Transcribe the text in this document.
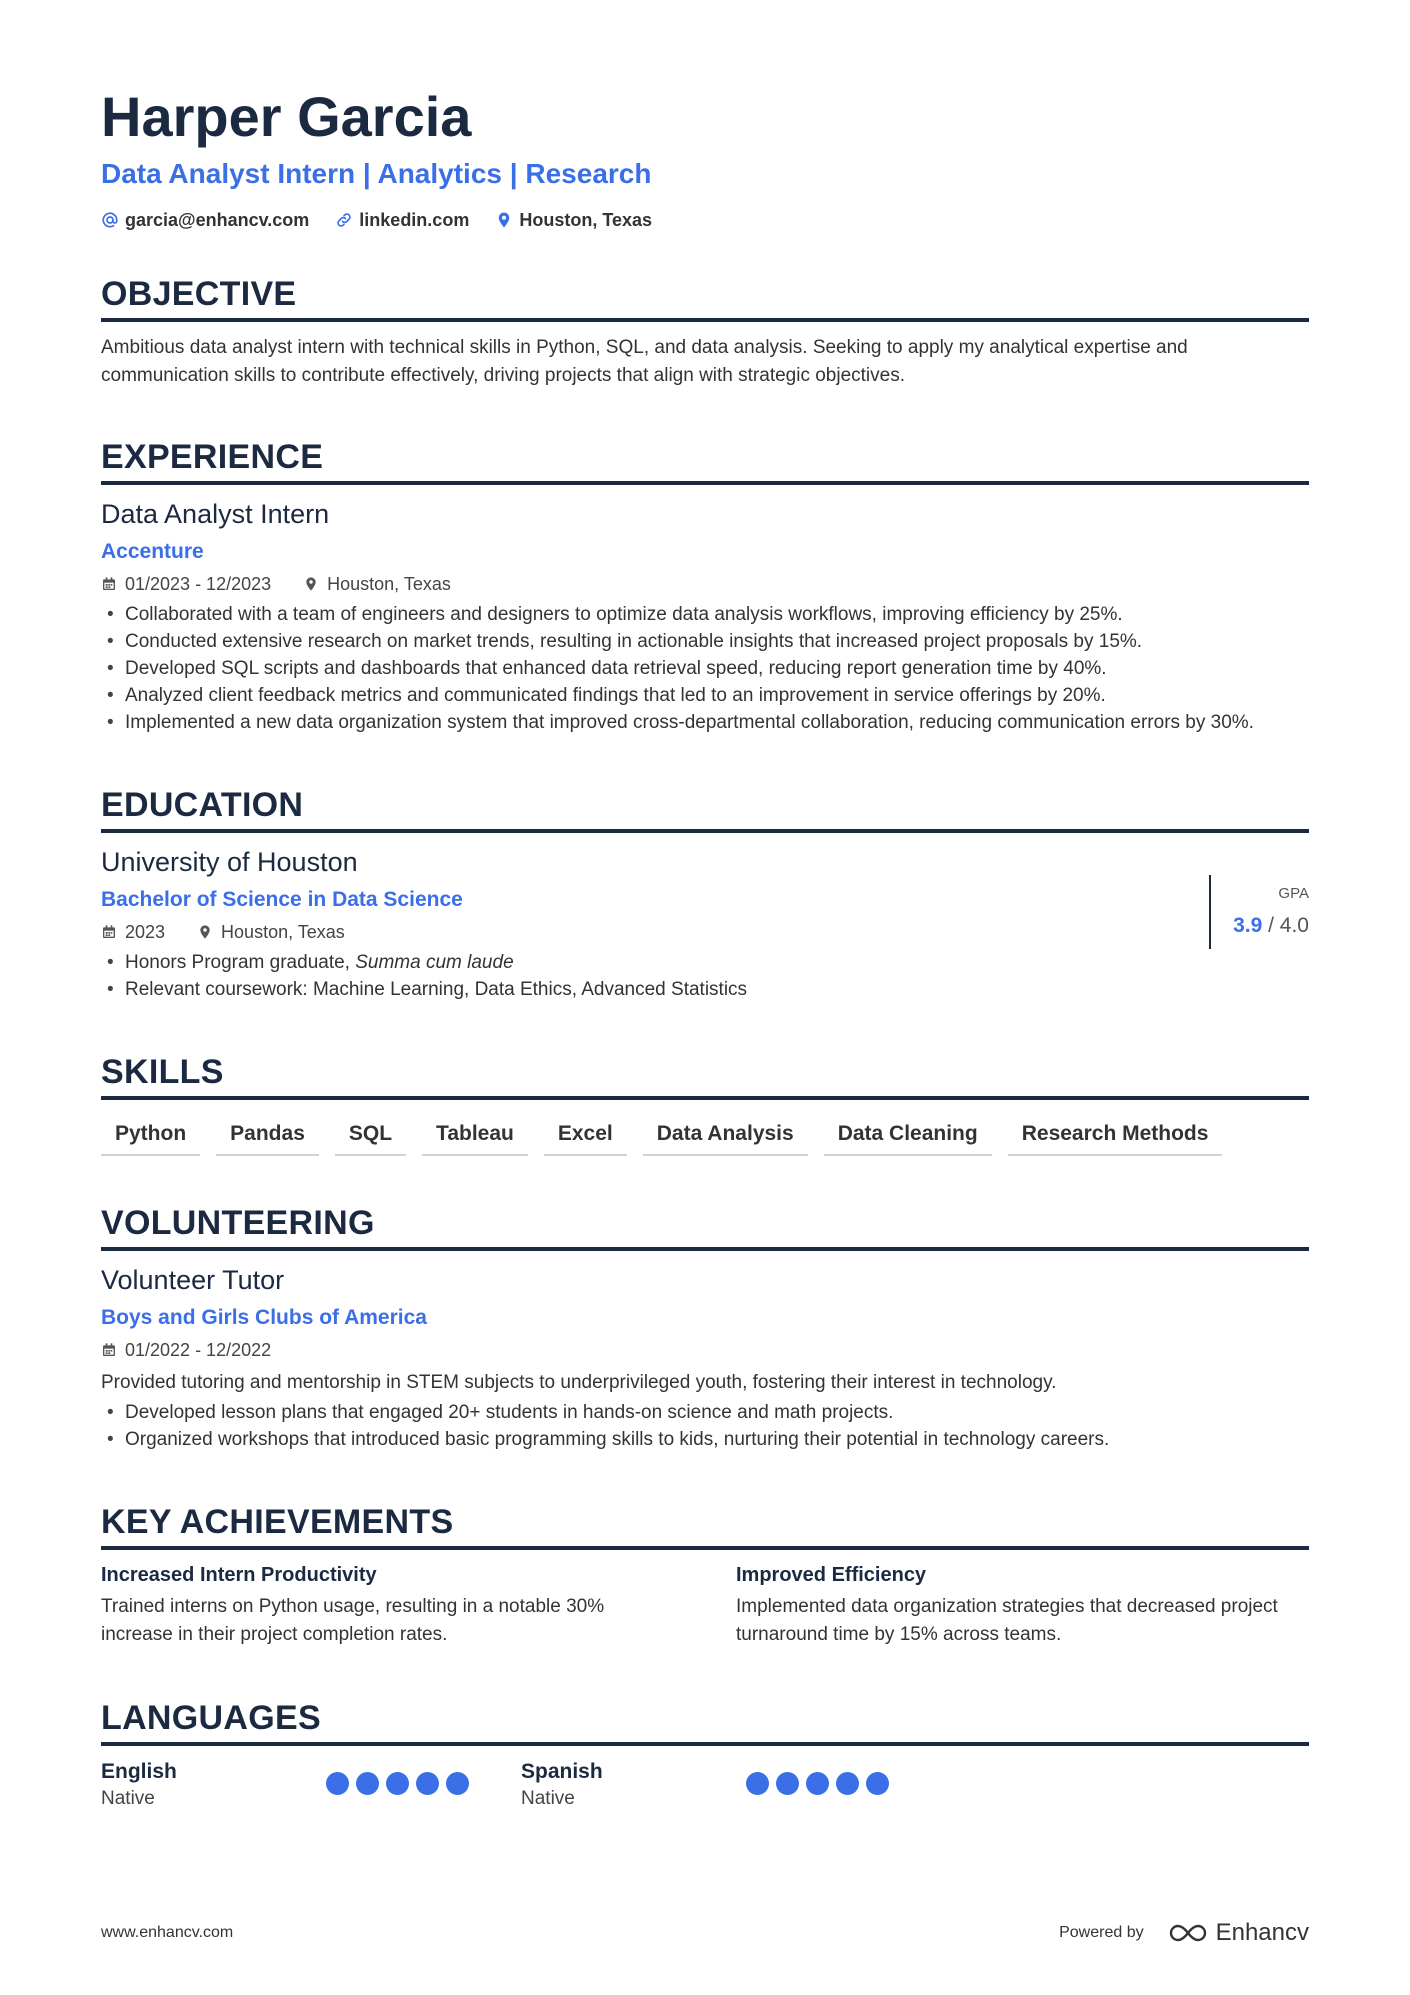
Harper Garcia
Data Analyst Intern | Analytics | Research
garcia@enhancv.com	linkedin.com	Houston, Texas
OBJECTIVE
Ambitious data analyst intern with technical skills in Python, SQL, and data analysis. Seeking to apply my analytical expertise and communication skills to contribute effectively, driving projects that align with strategic objectives.
EXPERIENCE
Data Analyst Intern
Accenture
01/2023 - 12/2023	Houston, Texas
• Collaborated with a team of engineers and designers to optimize data analysis workflows, improving efficiency by 25%.
• Conducted extensive research on market trends, resulting in actionable insights that increased project proposals by 15%.
• Developed SQL scripts and dashboards that enhanced data retrieval speed, reducing report generation time by 40%.
• Analyzed client feedback metrics and communicated findings that led to an improvement in service offerings by 20%.
• Implemented a new data organization system that improved cross-departmental collaboration, reducing communication errors by 30%.
EDUCATION
University of Houston
Bachelor of Science in Data Science
2023	Houston, Texas
• Honors Program graduate, Summa cum laude
• Relevant coursework: Machine Learning, Data Ethics, Advanced Statistics
GPA
3.9 / 4.0
SKILLS
Python	Pandas	SQL	Tableau	Excel	Data Analysis	Data Cleaning	Research Methods
VOLUNTEERING
Volunteer Tutor
Boys and Girls Clubs of America
01/2022 - 12/2022
Provided tutoring and mentorship in STEM subjects to underprivileged youth, fostering their interest in technology.
• Developed lesson plans that engaged 20+ students in hands-on science and math projects.
• Organized workshops that introduced basic programming skills to kids, nurturing their potential in technology careers.
KEY ACHIEVEMENTS
Increased Intern Productivity
Trained interns on Python usage, resulting in a notable 30% increase in their project completion rates.
Improved Efficiency
Implemented data organization strategies that decreased project turnaround time by 15% across teams.
LANGUAGES
English
Native
Spanish
Native
www.enhancv.com	Powered by	Enhancv
